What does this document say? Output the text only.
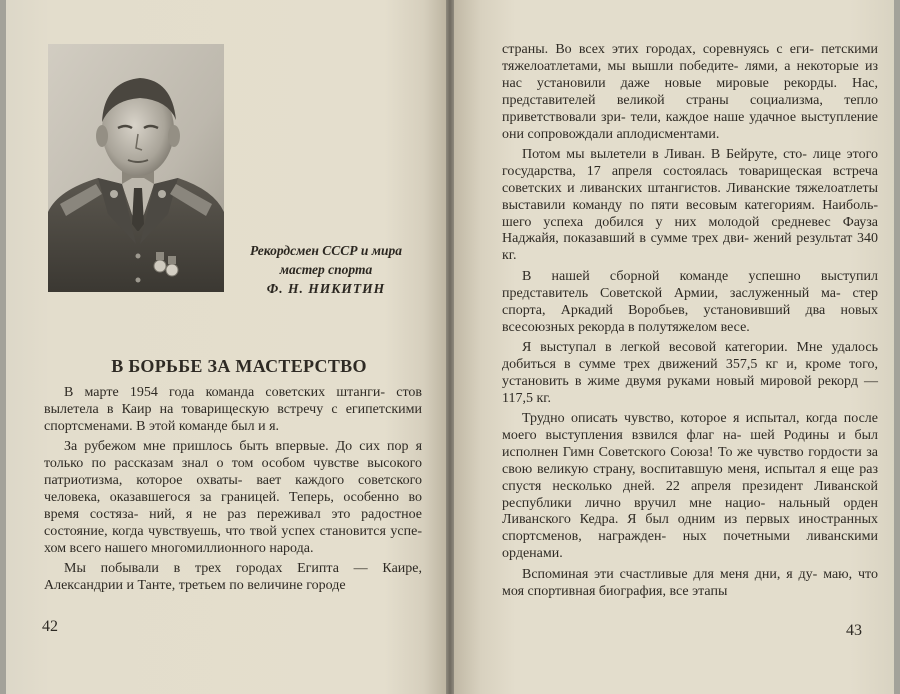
Рекордсмен СССР и мира
мастер спорта
Ф. Н. НИКИТИН
В БОРЬБЕ ЗА МАСТЕРСТВО

В марте 1954 года команда советских штанги- стов вылетела в Каир на товарищескую встречу с египетскими спортсменами. В этой команде был и я.

За рубежом мне пришлось быть впервые. До сих пор я только по рассказам знал о том особом чувстве высокого патриотизма, которое охваты- вает каждого советского человека, оказавшегося за границей. Теперь, особенно во время состяза- ний, я не раз переживал это радостное состояние, когда чувствуешь, что твой успех становится успе- хом всего нашего многомиллионного народа.

Мы побывали в трех городах Египта — Каире, Александрии и Танте, третьем по величине городе

42

страны. Во всех этих городах, соревнуясь с еги- петскими тяжелоатлетами, мы вышли победите- лями, а некоторые из нас установили даже новые мировые рекорды. Нас, представителей великой страны социализма, тепло приветствовали зри- тели, каждое наше удачное выступление они сопровождали аплодисментами.

Потом мы вылетели в Ливан. В Бейруте, сто- лице этого государства, 17 апреля состоялась товарищеская встреча советских и ливанских штангистов. Ливанские тяжелоатлеты выставили команду по пяти весовым категориям. Наиболь- шего успеха добился у них молодой средневес Фауза Наджайя, показавший в сумме трех дви- жений результат 340 кг.

В нашей сборной команде успешно выступил представитель Советской Армии, заслуженный ма- стер спорта, Аркадий Воробьев, установивший два новых всесоюзных рекорда в полутяжелом весе.

Я выступал в легкой весовой категории. Мне удалось добиться в сумме трех движений 357,5 кг и, кроме того, установить в жиме двумя руками новый мировой рекорд — 117,5 кг.

Трудно описать чувство, которое я испытал, когда после моего выступления взвился флаг на- шей Родины и был исполнен Гимн Советского Союза! То же чувство гордости за свою великую страну, воспитавшую меня, испытал я еще раз спустя несколько дней. 22 апреля президент Ливанской республики лично вручил мне нацио- нальный орден Ливанского Кедра. Я был одним из первых иностранных спортсменов, награжден- ных почетными ливанскими орденами.

Вспоминая эти счастливые для меня дни, я ду- маю, что моя спортивная биография, все этапы

43
